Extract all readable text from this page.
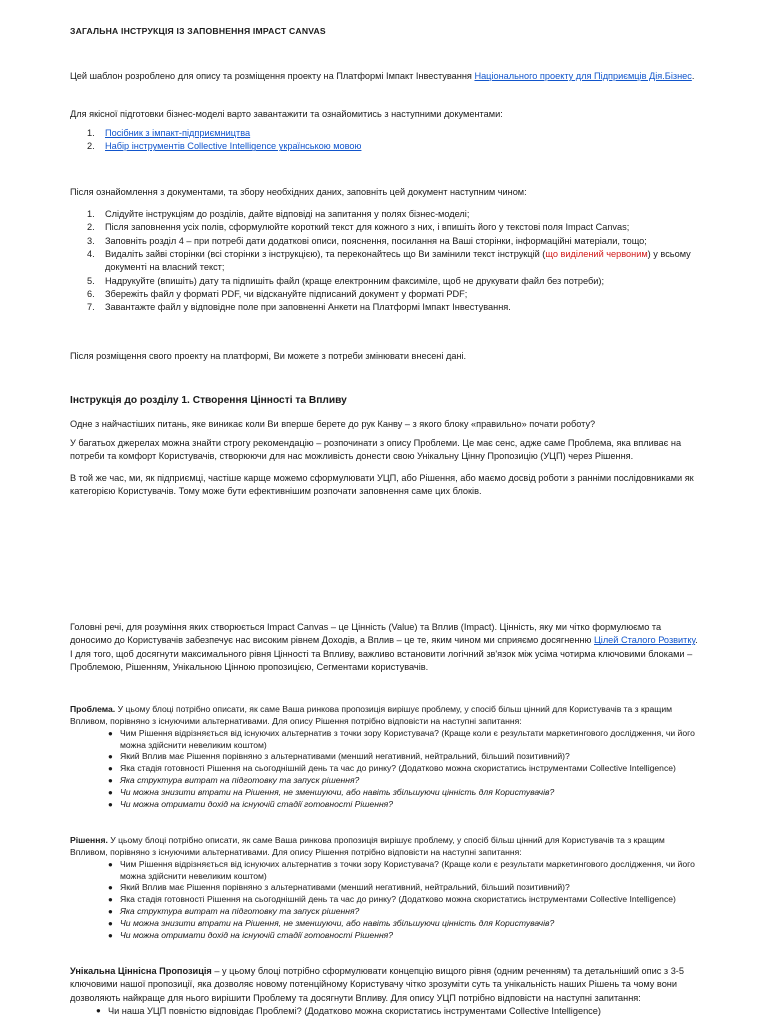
ЗАГАЛЬНА ІНСТРУКЦІЯ ІЗ ЗАПОВНЕННЯ IMPACT CANVAS

Цей шаблон розроблено для опису та розміщення проекту на Платформі Імпакт Інвестування Національного проекту для Підприємців Дія.Бізнес.

Для якісної підготовки бізнес-моделі варто завантажити та ознайомитись з наступними документами:

1. Посібник з імпакт-підприємництва
2. Набір інструментів Collective Intelligence українською мовою

Після ознайомлення з документами, та збору необхідних даних, заповніть цей документ наступним чином:

1. Слідуйте інструкціям до розділів, дайте відповіді на запитання у полях бізнес-моделі;
2. Після заповнення усіх полів, сформулюйте короткий текст для кожного з них, і впишіть його у текстові поля Impact Canvas;
3. Заповніть розділ 4 – при потребі дати додаткові описи, пояснення, посилання на Ваші сторінки, інформаційні матеріали, тощо;
4. Видаліть зайві сторінки (всі сторінки з інструкцією), та переконайтесь що Ви замінили текст інструкцій (що виділений червоним) у всьому документі на власний текст;
5. Надрукуйте (впишіть) дату та підпишіть файл (краще електронним факсиміле, щоб не друкувати файл без потреби);
6. Збережіть файл у форматі PDF, чи відскануйте підписаний документ у форматі PDF;
7. Завантажте файл у відповідне поле при заповненні Анкети на Платформі Імпакт Інвестування.

Після розміщення свого проекту на платформі, Ви можете з потреби змінювати внесені дані.

Інструкція до розділу 1. Створення Цінності та Впливу

Одне з найчастіших питань, яке виникає коли Ви вперше берете до рук Канву – з якого блоку «правильно» почати роботу?

У багатьох джерелах можна знайти строгу рекомендацію – розпочинати з опису Проблеми. Це має сенс, адже саме Проблема, яка впливає на потреби та комфорт Користувачів, створюючи для нас можливість донести свою Унікальну Цінну Пропозицію (УЦП) через Рішення.

В той же час, ми, як підприємці, частіше карще можемо сформулювати УЦП, або Рішення, або маємо досвід роботи з ранніми послідовниками як категорією Користувачів. Тому може бути ефективнішим розпочати заповнення саме цих блоків.

Головні речі, для розуміння яких створюється Impact Canvas – це Цінність (Value) та Вплив (Impact). Цінність, яку ми чітко формулюємо та доносимо до Користувачів забезпечує нас високим рівнем Доходів, а Вплив – це те, яким чином ми сприяємо досягненню Цілей Сталого Розвитку. І для того, щоб досягнути максимального рівня Цінності та Впливу, важливо встановити логічний зв'язок між усіма чотирма ключовими блоками – Проблемою, Рішенням, Унікальною Цінною пропозицією, Сегментами користувачів.

Проблема. У цьому блоці потрібно описати, як саме Ваша ринкова пропозиція вирішує проблему, у спосіб більш цінний для Користувачів та з кращим Впливом, порівняно з існуючими альтернативами. Для опису Рішення потрібно відповісти на наступні запитання:

● Чим Рішення відрізняється від існуючих альтернатив з точки зору Користувача? (Краще коли є результати маркетингового дослідження, чи його можна здійснити невеликим коштом)
● Який Вплив має Рішення порівняно з альтернативами (менший негативний, нейтральний, більший позитивний)?
● Яка стадія готовності Рішення на сьогоднішній день та час до ринку? (Додатково можна скористатись інструментами Collective Intelligence)
● Яка структура витрат на підготовку та запуск рішення?
● Чи можна знизити втрати на Рішення, не зменшуючи, або навіть збільшуючи цінність для Користувачів?
● Чи можна отримати дохід на існуючій стадії готовності Рішення?

Рішення. У цьому блоці потрібно описати, як саме Ваша ринкова пропозиція вирішує проблему, у спосіб більш цінний для Користувачів та з кращим Впливом, порівняно з існуючими альтернативами. Для опису Рішення потрібно відповісти на наступні запитання:

● Чим Рішення відрізняється від існуючих альтернатив з точки зору Користувача? (Краще коли є результати маркетингового дослідження, чи його можна здійснити невеликим коштом)
● Який Вплив має Рішення порівняно з альтернативами (менший негативний, нейтральний, більший позитивний)?
● Яка стадія готовності Рішення на сьогоднішній день та час до ринку? (Додатково можна скористатись інструментами Collective Intelligence)
● Яка структура витрат на підготовку та запуск рішення?
● Чи можна знизити втрати на Рішення, не зменшуючи, або навіть збільшуючи цінність для Користувачів?
● Чи можна отримати дохід на існуючій стадії готовності Рішення?

Унікальна Ціннісна Пропозиція – у цьому блоці потрібно сформулювати концепцію вищого рівня (одним реченням) та детальніший опис з 3-5 ключовими нашої пропозиції, яка дозволяє новому потенційному Користувачу чітко зрозуміти суть та унікальність наших Рішень та чому вони дозволяють найкраще для нього вирішити Проблему та досягнути Впливу. Для опису УЦП потрібно відповісти на наступні запитання:

● Чи наша УЦП повністю відповідає Проблемі? (Додатково можна скористатись інструментами Collective Intelligence)
